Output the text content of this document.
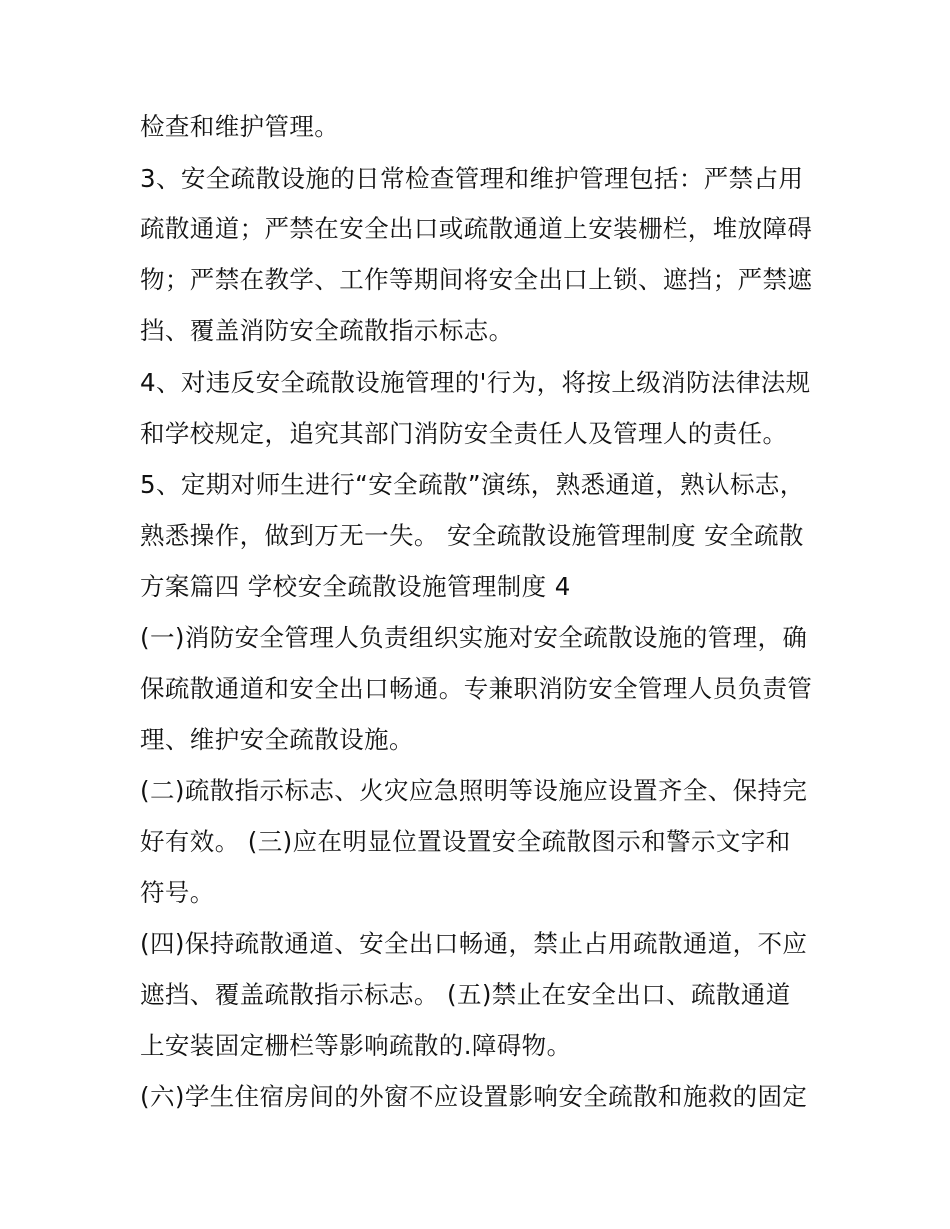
检查和维护管理。
3、安全疏散设施的日常检查管理和维护管理包括：严禁占用
疏散通道；严禁在安全出口或疏散通道上安装栅栏，堆放障碍
物；严禁在教学、工作等期间将安全出口上锁、遮挡；严禁遮
挡、覆盖消防安全疏散指示标志。
4、对违反安全疏散设施管理的'行为，将按上级消防法律法规
和学校规定，追究其部门消防安全责任人及管理人的责任。
5、定期对师生进行“安全疏散”演练，熟悉通道，熟认标志，
熟悉操作，做到万无一失。 安全疏散设施管理制度 安全疏散
方案篇四 学校安全疏散设施管理制度 4
(一)消防安全管理人负责组织实施对安全疏散设施的管理，确
保疏散通道和安全出口畅通。专兼职消防安全管理人员负责管
理、维护安全疏散设施。
(二)疏散指示标志、火灾应急照明等设施应设置齐全、保持完
好有效。 (三)应在明显位置设置安全疏散图示和警示文字和
符号。
(四)保持疏散通道、安全出口畅通，禁止占用疏散通道，不应
遮挡、覆盖疏散指示标志。 (五)禁止在安全出口、疏散通道
上安装固定栅栏等影响疏散的.障碍物。
(六)学生住宿房间的外窗不应设置影响安全疏散和施救的固定
